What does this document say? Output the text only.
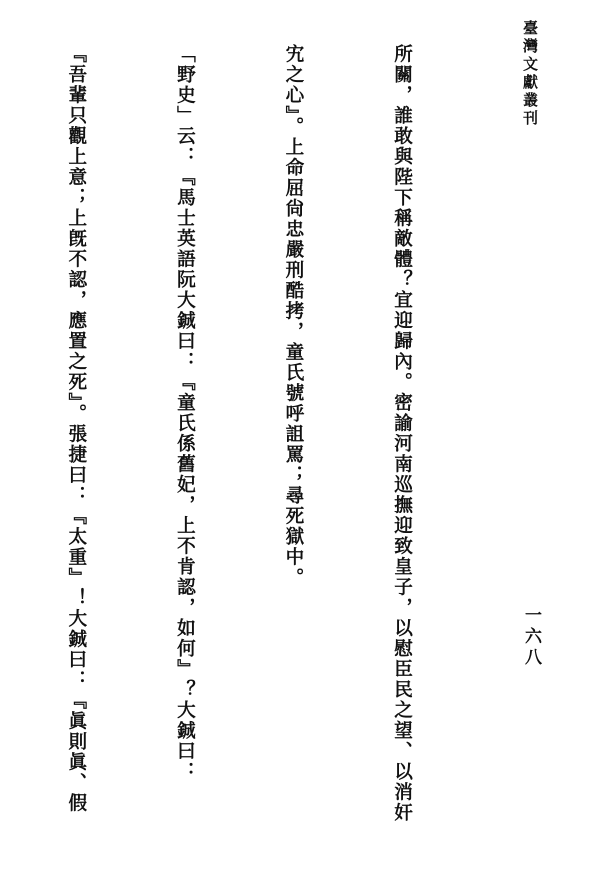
臺灣文獻叢刊
一六八

所關，誰敢與陛下稱敵體？宜迎歸內。密諭河南巡撫迎致皇子，以慰臣民之望、以消奸

宄之心』。上命屈尙忠嚴刑酷拷，童氏號呼詛罵；尋死獄中。

「野史」云：『馬士英語阮大鋮曰：『童氏係舊妃，上不肯認，如何』？大鋮曰：

『吾輩只觀上意；上旣不認，應置之死』。張捷曰：『太重』！大鋮曰：『眞則眞、假
